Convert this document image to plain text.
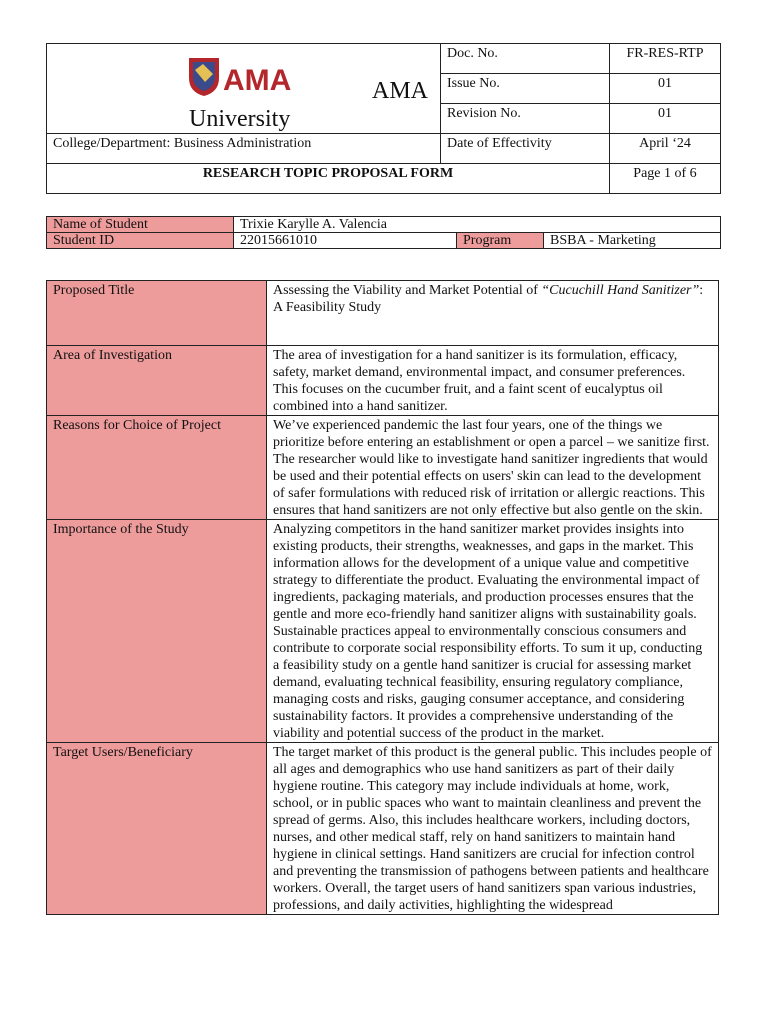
AMA
University
AMA	Doc. No.	FR-RES-RTP
	Issue No.	01
	Revision No.	01
College/Department: Business Administration	Date of Effectivity	April ‘24
RESEARCH TOPIC PROPOSAL FORM		Page 1 of 6
Name of Student	Trixie Karylle A. Valencia		
Student ID	22015661010	Program	BSBA - Marketing
Proposed Title	Assessing the Viability and Market Potential of “Cucuchill Hand Sanitizer”: A Feasibility Study
Area of Investigation	The area of investigation for a hand sanitizer is its formulation, efficacy, safety, market demand, environmental impact, and consumer preferences. This focuses on the cucumber fruit, and a faint scent of eucalyptus oil combined into a hand sanitizer.
Reasons for Choice of Project	We’ve experienced pandemic the last four years, one of the things we prioritize before entering an establishment or open a parcel – we sanitize first. The researcher would like to investigate hand sanitizer ingredients that would be used and their potential effects on users' skin can lead to the development of safer formulations with reduced risk of irritation or allergic reactions. This ensures that hand sanitizers are not only effective but also gentle on the skin.
Importance of the Study	Analyzing competitors in the hand sanitizer market provides insights into existing products, their strengths, weaknesses, and gaps in the market. This information allows for the development of a unique value and competitive strategy to differentiate the product. Evaluating the environmental impact of ingredients, packaging materials, and production processes ensures that the gentle and more eco-friendly hand sanitizer aligns with sustainability goals. Sustainable practices appeal to environmentally conscious consumers and contribute to corporate social responsibility efforts. To sum it up, conducting a feasibility study on a gentle hand sanitizer is crucial for assessing market demand, evaluating technical feasibility, ensuring regulatory compliance, managing costs and risks, gauging consumer acceptance, and considering sustainability factors. It provides a comprehensive understanding of the viability and potential success of the product in the market.
Target Users/Beneficiary	The target market of this product is the general public. This includes people of all ages and demographics who use hand sanitizers as part of their daily hygiene routine. This category may include individuals at home, work, school, or in public spaces who want to maintain cleanliness and prevent the spread of germs. Also, this includes healthcare workers, including doctors, nurses, and other medical staff, rely on hand sanitizers to maintain hand hygiene in clinical settings. Hand sanitizers are crucial for infection control and preventing the transmission of pathogens between patients and healthcare workers. Overall, the target users of hand sanitizers span various industries, professions, and daily activities, highlighting the widespread
